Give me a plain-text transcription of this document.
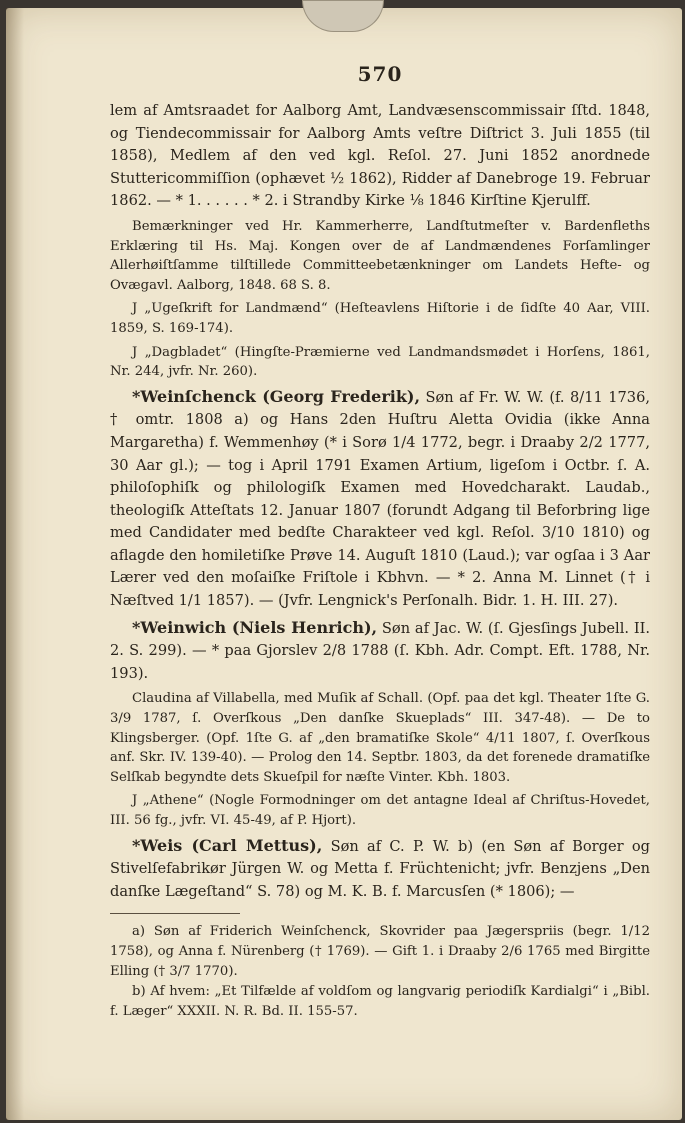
570

lem af Amtsraadet for Aalborg Amt, Landvæsenscommissair ſſtd. 1848, og Tiendecommissair for Aalborg Amts veſtre Diſtrict 3. Juli 1855 (til 1858), Medlem af den ved kgl. Reſol. 27. Juni 1852 anordnede Stuttericommiſſion (ophævet ½ 1862), Ridder af Danebroge 19. Februar 1862. — * 1. . . . . . * 2. i Strandby Kirke ⅛ 1846 Kirſtine Kjerulff.

Bemærkninger ved Hr. Kammerherre, Landſtutmeſter v. Bardenfleths Erklæring til Hs. Maj. Kongen over de af Landmændenes Forſamlinger Allerhøiſtſamme tilſtillede Committeebetænkninger om Landets Hefte- og Ovægavl. Aalborg, 1848. 68 S. 8.

J „Ugeſkrift for Landmænd“ (Heſteavlens Hiſtorie i de ſidſte 40 Aar, VIII. 1859, S. 169-174).

J „Dagbladet“ (Hingſte-Præmierne ved Landmandsmødet i Horſens, 1861, Nr. 244, jvfr. Nr. 260).

*Weinſchenck (Georg Frederik), Søn af Fr. W. W. (f. 8/11 1736, † omtr. 1808 a) og Hans 2den Huſtru Aletta Ovidia (ikke Anna Margaretha) f. Wemmenhøy (* i Sorø 1/4 1772, begr. i Draaby 2/2 1777, 30 Aar gl.); — tog i April 1791 Examen Artium, ligeſom i Octbr. ſ. A. philoſophiſk og philologiſk Examen med Hovedcharakt. Laudab., theologiſk Atteſtats 12. Januar 1807 (forundt Adgang til Beforbring lige med Candidater med bedſte Charakteer ved kgl. Reſol. 3/10 1810) og aflagde den homiletiſke Prøve 14. Auguſt 1810 (Laud.); var ogſaa i 3 Aar Lærer ved den moſaiſke Friſtole i Kbhvn. — * 2. Anna M. Linnet († i Næſtved 1/1 1857). — (Jvfr. Lengnick's Perſonalh. Bidr. 1. H. III. 27).

*Weinwich (Niels Henrich), Søn af Jac. W. (ſ. Gjesſings Jubell. II. 2. S. 299). — * paa Gjorslev 2/8 1788 (ſ. Kbh. Adr. Compt. Eft. 1788, Nr. 193).

Claudina af Villabella, med Muſik af Schall. (Opf. paa det kgl. Theater 1ſte G. 3/9 1787, ſ. Overſkous „Den danſke Skueplads“ III. 347-48). — De to Klingsberger. (Opf. 1ſte G. af „den bramatiſke Skole“ 4/11 1807, ſ. Overſkous anf. Skr. IV. 139-40). — Prolog den 14. Septbr. 1803, da det forenede dramatiſke Selſkab begyndte dets Skueſpil for næſte Vinter. Kbh. 1803.

J „Athene“ (Nogle Formodninger om det antagne Ideal af Chriſtus-Hovedet, III. 56 fg., jvfr. VI. 45-49, af P. Hjort).

*Weis (Carl Mettus), Søn af C. P. W. b) (en Søn af Borger og Stivelſefabrikør Jürgen W. og Metta f. Früchtenicht; jvfr. Benzjens „Den danſke Lægeſtand“ S. 78) og M. K. B. f. Marcusſen (* 1806); —

a) Søn af Friderich Weinſchenck, Skovrider paa Jægerspriis (begr. 1/12 1758), og Anna f. Nürenberg († 1769). — Gift 1. i Draaby 2/6 1765 med Birgitte Elling († 3/7 1770).

b) Af hvem: „Et Tilfælde af voldſom og langvarig periodiſk Kardialgi“ i „Bibl. f. Læger“ XXXII. N. R. Bd. II. 155-57.
